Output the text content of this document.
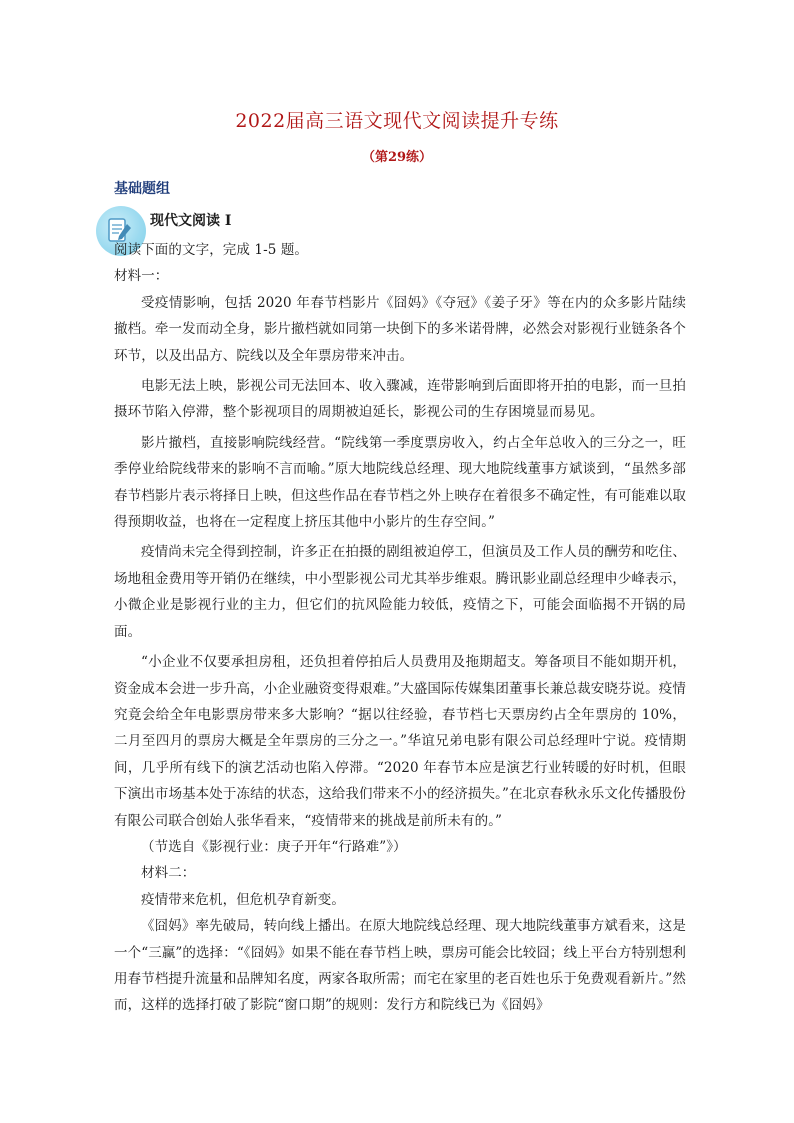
2022届高三语文现代文阅读提升专练
（第29练）
基础题组
现代文阅读 I

阅读下面的文字，完成 1-5 题。

材料一：

受疫情影响，包括 2020 年春节档影片《囧妈》《夺冠》《姜子牙》等在内的众多影片陆续撤档。牵一发而动全身，影片撤档就如同第一块倒下的多米诺骨牌，必然会对影视行业链条各个环节，以及出品方、院线以及全年票房带来冲击。

电影无法上映，影视公司无法回本、收入骤减，连带影响到后面即将开拍的电影，而一旦拍摄环节陷入停滞，整个影视项目的周期被迫延长，影视公司的生存困境显而易见。

影片撤档，直接影响院线经营。“院线第一季度票房收入，约占全年总收入的三分之一，旺季停业给院线带来的影响不言而喻。”原大地院线总经理、现大地院线董事方斌谈到，“虽然多部春节档影片表示将择日上映，但这些作品在春节档之外上映存在着很多不确定性，有可能难以取得预期收益，也将在一定程度上挤压其他中小影片的生存空间。”

疫情尚未完全得到控制，许多正在拍摄的剧组被迫停工，但演员及工作人员的酬劳和吃住、场地租金费用等开销仍在继续，中小型影视公司尤其举步维艰。腾讯影业副总经理申少峰表示，小微企业是影视行业的主力，但它们的抗风险能力较低，疫情之下，可能会面临揭不开锅的局面。

“小企业不仅要承担房租，还负担着停拍后人员费用及拖期超支。筹备项目不能如期开机，资金成本会进一步升高，小企业融资变得艰难。”大盛国际传媒集团董事长兼总裁安晓芬说。疫情究竟会给全年电影票房带来多大影响？“据以往经验，春节档七天票房约占全年票房的 10%，二月至四月的票房大概是全年票房的三分之一。”华谊兄弟电影有限公司总经理叶宁说。疫情期间，几乎所有线下的演艺活动也陷入停滞。“2020 年春节本应是演艺行业转暖的好时机，但眼下演出市场基本处于冻结的状态，这给我们带来不小的经济损失。”在北京春秋永乐文化传播股份有限公司联合创始人张华看来，“疫情带来的挑战是前所未有的。”

（节选自《影视行业：庚子开年“行路难”》）

材料二：

疫情带来危机，但危机孕育新变。

《囧妈》率先破局，转向线上播出。在原大地院线总经理、现大地院线董事方斌看来，这是一个“三赢”的选择：“《囧妈》如果不能在春节档上映，票房可能会比较囧；线上平台方特别想利用春节档提升流量和品牌知名度，两家各取所需；而宅在家里的老百姓也乐于免费观看新片。”然而，这样的选择打破了影院“窗口期”的规则：发行方和院线已为《囧妈》
